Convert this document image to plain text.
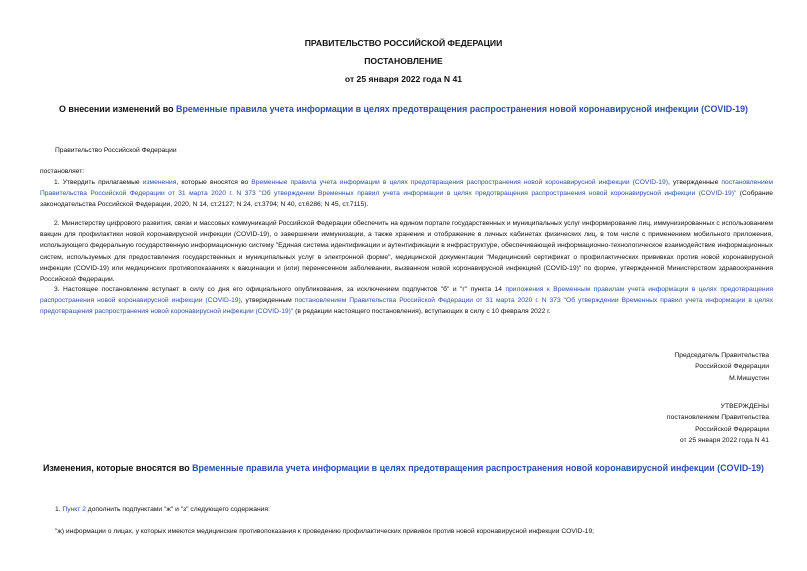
ПРАВИТЕЛЬСТВО РОССИЙСКОЙ ФЕДЕРАЦИИ
ПОСТАНОВЛЕНИЕ
от 25 января 2022 года N 41
О внесении изменений во Временные правила учета информации в целях предотвращения распространения новой коронавирусной инфекции (COVID-19)
Правительство Российской Федерации
постановляет:
1. Утвердить прилагаемые изменения, которые вносятся во Временные правила учета информации в целях предотвращения распространения новой коронавирусной инфекции (COVID-19), утвержденные постановлением Правительства Российской Федерации от 31 марта 2020 г. N 373 "Об утверждении Временных правил учета информации в целях предотвращения распространения новой коронавирусной инфекции (COVID-19)" (Собрание законодательства Российской Федерации, 2020, N 14, ст.2127; N 24, ст.3794; N 40, ст.6286; N 45, ст.7115).
2. Министерству цифрового развития, связи и массовых коммуникаций Российской Федерации обеспечить на едином портале государственных и муниципальных услуг информирование лиц, иммунизированных с использованием вакцин для профилактики новой коронавирусной инфекции (COVID-19), о завершении иммунизации, а также хранение и отображение в личных кабинетах физических лиц, в том числе с применением мобильного приложения, использующего федеральную государственную информационную систему "Единая система идентификации и аутентификации в инфраструктуре, обеспечивающей информационно-технологическое взаимодействие информационных систем, используемых для предоставления государственных и муниципальных услуг в электронной форме", медицинской документации "Медицинский сертификат о профилактических прививках против новой коронавирусной инфекции (COVID-19) или медицинских противопоказаниях к вакцинации и (или) перенесенном заболевании, вызванном новой коронавирусной инфекцией (COVID-19)" по форме, утвержденной Министерством здравоохранения Российской Федерации.
3. Настоящее постановление вступает в силу со дня его официального опубликования, за исключением подпунктов "б" и "г" пункта 14 приложения к Временным правилам учета информации в целях предотвращения распространения новой коронавирусной инфекции (COVID-19), утвержденным постановлением Правительства Российской Федерации от 31 марта 2020 г. N 373 "Об утверждении Временных правил учета информации в целях предотвращения распространения новой коронавирусной инфекции (COVID-19)" (в редакции настоящего постановления), вступающих в силу с 10 февраля 2022 г.
Председатель Правительства
Российской Федерации
М.Мишустин
УТВЕРЖДЕНЫ
постановлением Правительства
Российской Федерации
от 25 января 2022 года N 41
Изменения, которые вносятся во Временные правила учета информации в целях предотвращения распространения новой коронавирусной инфекции (COVID-19)
1. Пункт 2 дополнить подпунктами "ж" и "з" следующего содержания:
"ж) информации о лицах, у которых имеются медицинские противопоказания к проведению профилактических прививок против новой коронавирусной инфекции COVID-19;
